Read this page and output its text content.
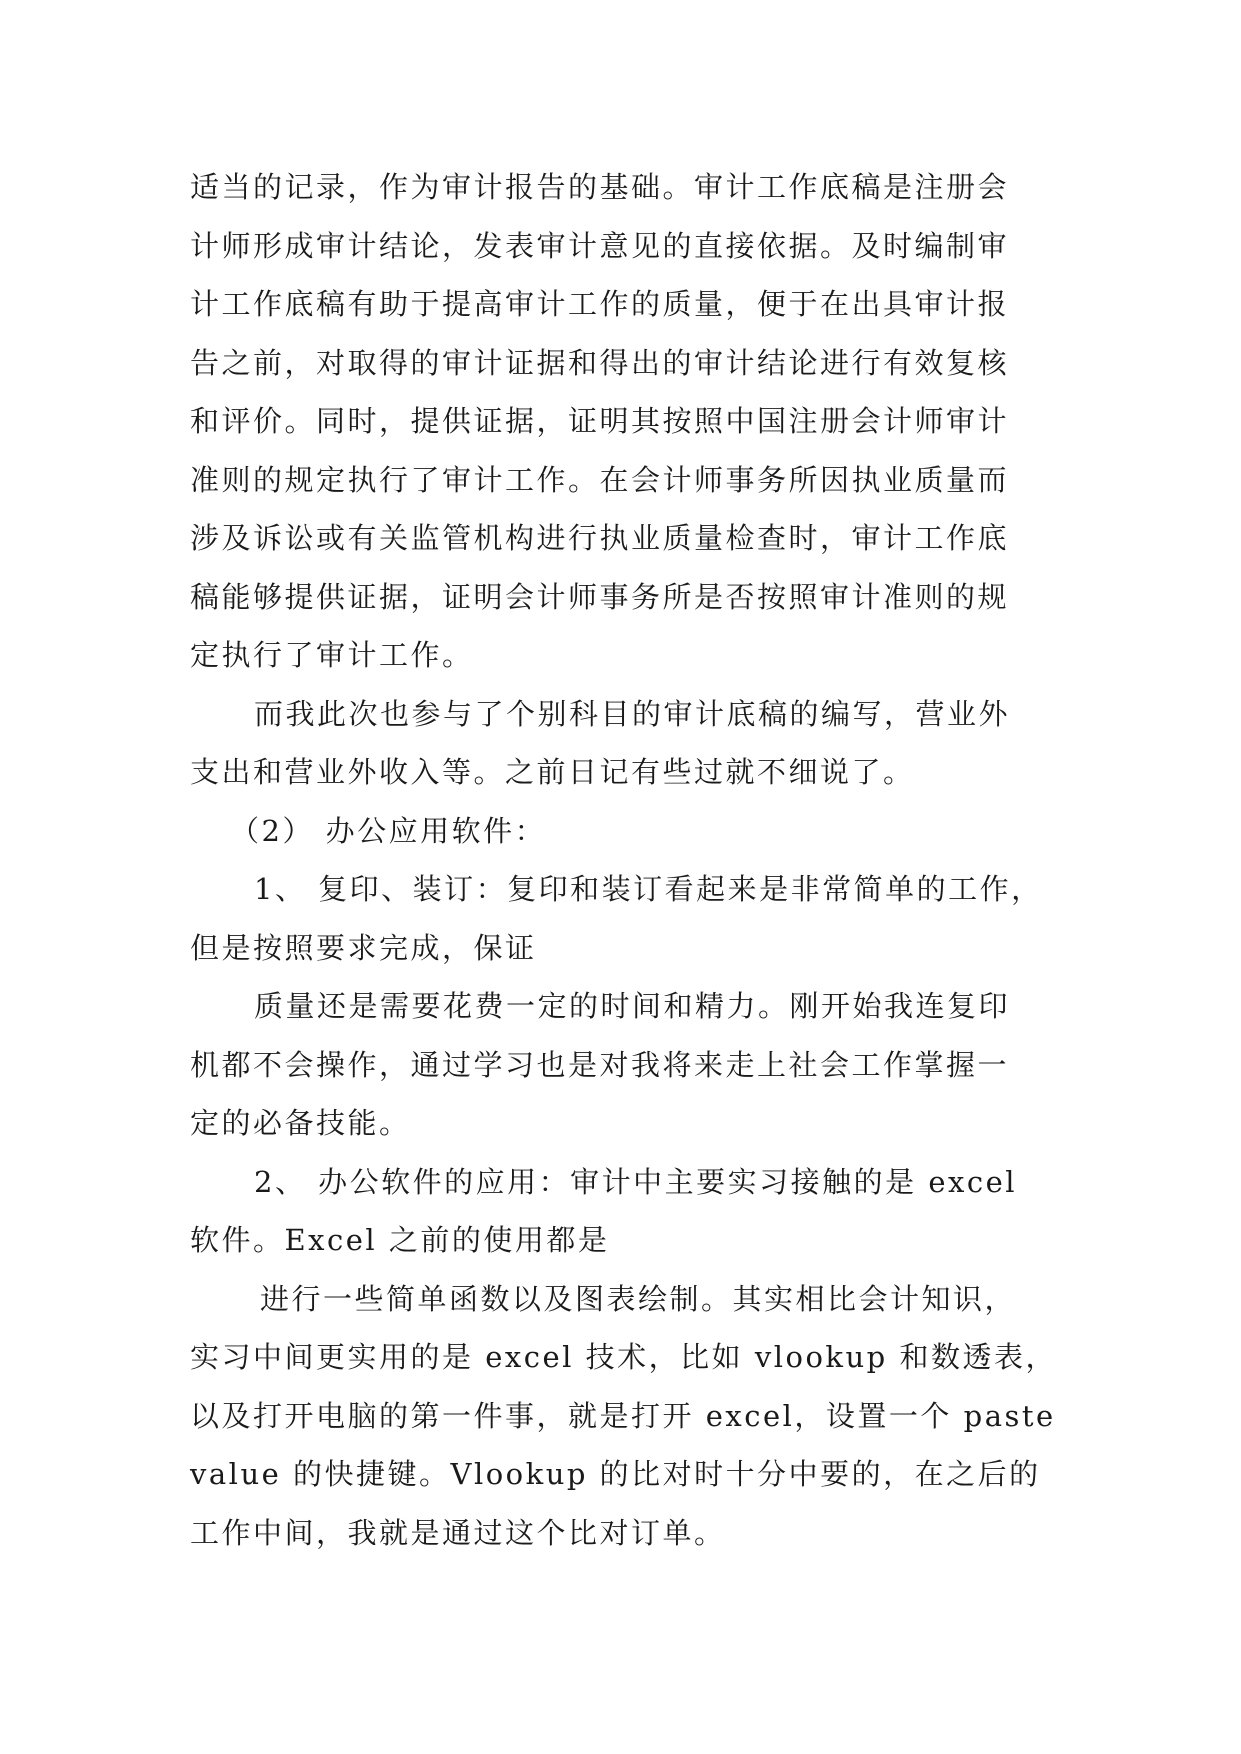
适当的记录，作为审计报告的基础。审计工作底稿是注册会
计师形成审计结论，发表审计意见的直接依据。及时编制审
计工作底稿有助于提高审计工作的质量，便于在出具审计报
告之前，对取得的审计证据和得出的审计结论进行有效复核
和评价。同时，提供证据，证明其按照中国注册会计师审计
准则的规定执行了审计工作。在会计师事务所因执业质量而
涉及诉讼或有关监管机构进行执业质量检查时，审计工作底
稿能够提供证据，证明会计师事务所是否按照审计准则的规
定执行了审计工作。
而我此次也参与了个别科目的审计底稿的编写，营业外
支出和营业外收入等。之前日记有些过就不细说了。
（2） 办公应用软件：
1、 复印、装订：复印和装订看起来是非常简单的工作，
但是按照要求完成，保证
质量还是需要花费一定的时间和精力。刚开始我连复印
机都不会操作，通过学习也是对我将来走上社会工作掌握一
定的必备技能。
2、 办公软件的应用：审计中主要实习接触的是 excel
软件。Excel 之前的使用都是
进行一些简单函数以及图表绘制。其实相比会计知识，
实习中间更实用的是 excel 技术，比如 vlookup 和数透表，
以及打开电脑的第一件事，就是打开 excel，设置一个 paste
value 的快捷键。Vlookup 的比对时十分中要的，在之后的
工作中间，我就是通过这个比对订单。
